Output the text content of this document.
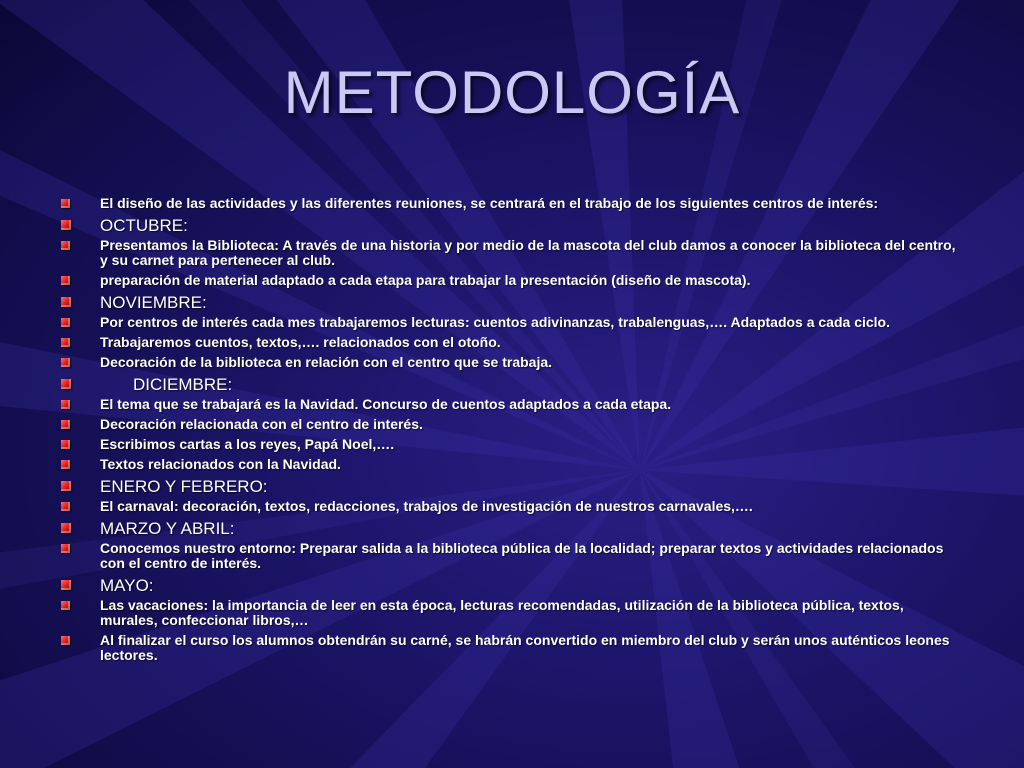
METODOLOGÍA
El diseño de las actividades y las diferentes reuniones, se centrará en el trabajo de los siguientes centros de interés:
OCTUBRE:
Presentamos la Biblioteca: A través de una historia y por medio de la mascota del club damos a conocer la biblioteca del centro, y su carnet para pertenecer al club.
preparación de material adaptado a cada etapa para trabajar la presentación (diseño de mascota).
NOVIEMBRE:
Por centros de interés cada mes trabajaremos lecturas: cuentos adivinanzas, trabalenguas,…. Adaptados a cada ciclo.
Trabajaremos cuentos, textos,…. relacionados con el otoño.
Decoración de la biblioteca en relación con el centro que se trabaja.
DICIEMBRE:
El tema que se trabajará es la Navidad. Concurso de cuentos adaptados a cada etapa.
Decoración relacionada con el centro de interés.
Escribimos cartas a los reyes, Papá Noel,….
Textos relacionados con la Navidad.
ENERO Y FEBRERO:
El carnaval: decoración, textos, redacciones, trabajos de investigación de nuestros carnavales,….
MARZO Y ABRIL:
Conocemos nuestro entorno: Preparar salida a la biblioteca pública de la localidad; preparar textos y actividades relacionados con el centro de interés.
MAYO:
Las vacaciones: la importancia de leer en esta época, lecturas recomendadas, utilización de la biblioteca pública, textos, murales, confeccionar libros,…
Al finalizar el curso los alumnos obtendrán su carné, se habrán convertido en miembro del club y serán unos auténticos leones lectores.
